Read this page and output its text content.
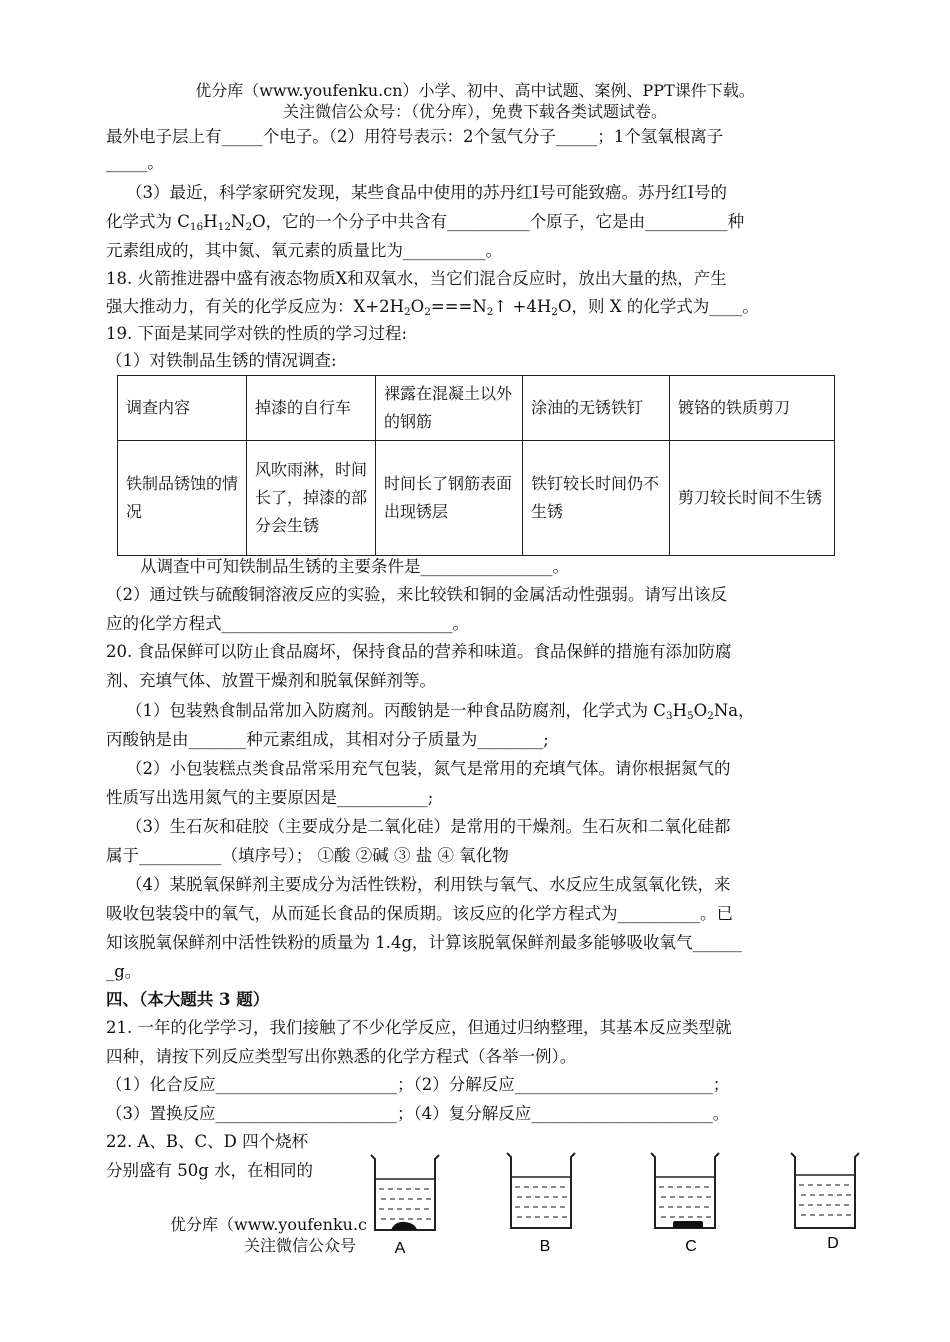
优分库（www.youfenku.cn）小学、初中、高中试题、案例、PPT课件下载。
关注微信公众号：（优分库），免费下载各类试题试卷。
最外电子层上有_____个电子。（2）用符号表示：2个氢气分子_____；1个氢氧根离子
_____。
（3）最近，科学家研究发现，某些食品中使用的苏丹红I号可能致癌。苏丹红I号的
化学式为 $C_{16}H_{12}N_2O$，它的一个分子中共含有__________个原子，它是由__________种
元素组成的，其中氮、氧元素的质量比为__________。
18. 火箭推进器中盛有液态物质X和双氧水，当它们混合反应时，放出大量的热，产生
强大推动力，有关的化学反应为：$X+2H_2O_2===N_2↑ +4H_2O$，则 X 的化学式为____。
19. 下面是某同学对铁的性质的学习过程:
（1）对铁制品生锈的情况调查:
调查内容	掉漆的自行车	裸露在混凝土以外的钢筋	涂油的无锈铁钉	镀铬的铁质剪刀
铁制品锈蚀的情况	风吹雨淋，时间长了，掉漆的部分会生锈	时间长了钢筋表面出现锈层	铁钉较长时间仍不生锈	剪刀较长时间不生锈
从调查中可知铁制品生锈的主要条件是________________。
（2）通过铁与硫酸铜溶液反应的实验，来比较铁和铜的金属活动性强弱。请写出该反
应的化学方程式____________________________。
20. 食品保鲜可以防止食品腐坏，保持食品的营养和味道。食品保鲜的措施有添加防腐
剂、充填气体、放置干燥剂和脱氧保鲜剂等。
（1）包装熟食制品常加入防腐剂。丙酸钠是一种食品防腐剂，化学式为 $C_3H_5O_2Na$，
丙酸钠是由_______种元素组成，其相对分子质量为________;
（2）小包装糕点类食品常采用充气包装，氮气是常用的充填气体。请你根据氮气的
性质写出选用氮气的主要原因是___________;
（3）生石灰和硅胶（主要成分是二氧化硅）是常用的干燥剂。生石灰和二氧化硅都
属于__________（填序号）； ①酸 ②碱 ③ 盐 ④ 氧化物
（4）某脱氧保鲜剂主要成分为活性铁粉，利用铁与氧气、水反应生成氢氧化铁，来
吸收包装袋中的氧气，从而延长食品的保质期。该反应的化学方程式为__________。已
知该脱氧保鲜剂中活性铁粉的质量为 1.4g，计算该脱氧保鲜剂最多能够吸收氧气______
_g。
四、（本大题共 3 题）
21. 一年的化学学习，我们接触了不少化学反应，但通过归纳整理，其基本反应类型就
四种，请按下列反应类型写出你熟悉的化学方程式（各举一例）。
（1）化合反应______________________；（2）分解反应________________________；
（3）置换反应______________________；（4）复分解反应______________________。
22. A、B、C、D 四个烧杯
分别盛有 50g 水，在相同的
A	B	C	D
优分库（www.youfenku.c
关注微信公众号
